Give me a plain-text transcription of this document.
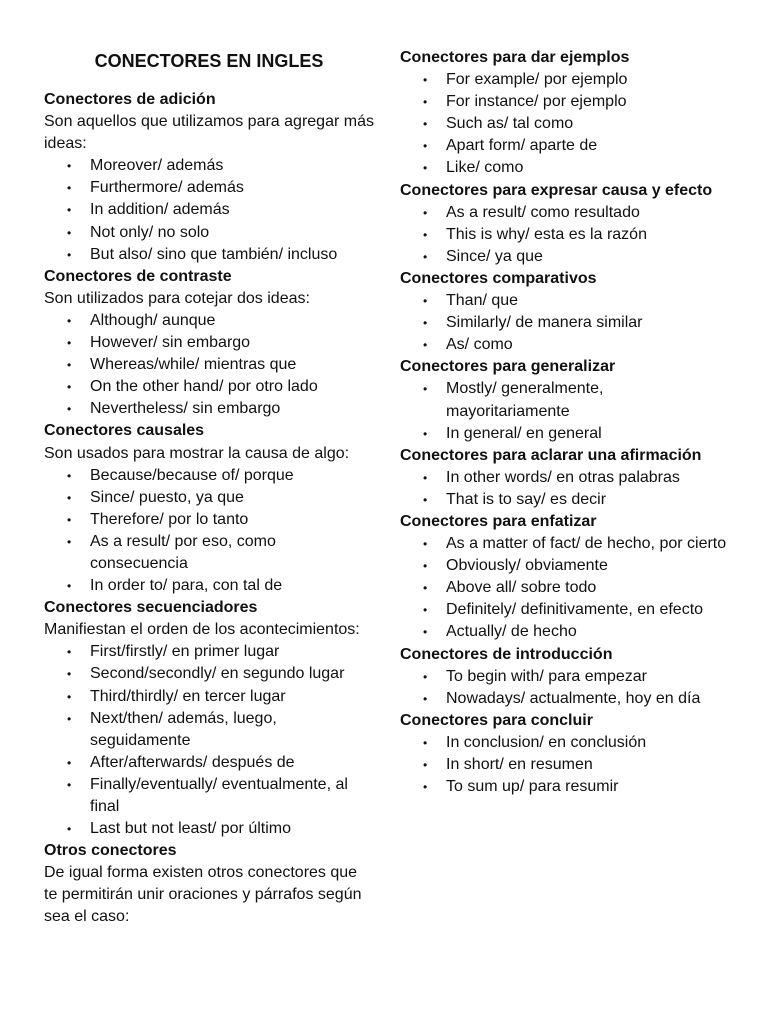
CONECTORES EN INGLES
Conectores de adición
Son aquellos que utilizamos para agregar más ideas:
• Moreover/ además
• Furthermore/ además
• In addition/ además
• Not only/ no solo
• But also/ sino que también/ incluso
Conectores de contraste
Son utilizados para cotejar dos ideas:
• Although/ aunque
• However/ sin embargo
• Whereas/while/ mientras que
• On the other hand/ por otro lado
• Nevertheless/ sin embargo
Conectores causales
Son usados para mostrar la causa de algo:
• Because/because of/ porque
• Since/ puesto, ya que
• Therefore/ por lo tanto
• As a result/ por eso, como consecuencia
• In order to/ para, con tal de
Conectores secuenciadores
Manifiestan el orden de los acontecimientos:
• First/firstly/ en primer lugar
• Second/secondly/ en segundo lugar
• Third/thirdly/ en tercer lugar
• Next/then/ además, luego, seguidamente
• After/afterwards/ después de
• Finally/eventually/ eventualmente, al final
• Last but not least/ por último
Otros conectores
De igual forma existen otros conectores que te permitirán unir oraciones y párrafos según sea el caso:
Conectores para dar ejemplos
• For example/ por ejemplo
• For instance/ por ejemplo
• Such as/ tal como
• Apart form/ aparte de
• Like/ como
Conectores para expresar causa y efecto
• As a result/ como resultado
• This is why/ esta es la razón
• Since/ ya que
Conectores comparativos
• Than/ que
• Similarly/ de manera similar
• As/ como
Conectores para generalizar
• Mostly/ generalmente, mayoritariamente
• In general/ en general
Conectores para aclarar una afirmación
• In other words/ en otras palabras
• That is to say/ es decir
Conectores para enfatizar
• As a matter of fact/ de hecho, por cierto
• Obviously/ obviamente
• Above all/ sobre todo
• Definitely/ definitivamente, en efecto
• Actually/ de hecho
Conectores de introducción
• To begin with/ para empezar
• Nowadays/ actualmente, hoy en día
Conectores para concluir
• In conclusion/ en conclusión
• In short/ en resumen
• To sum up/ para resumir
